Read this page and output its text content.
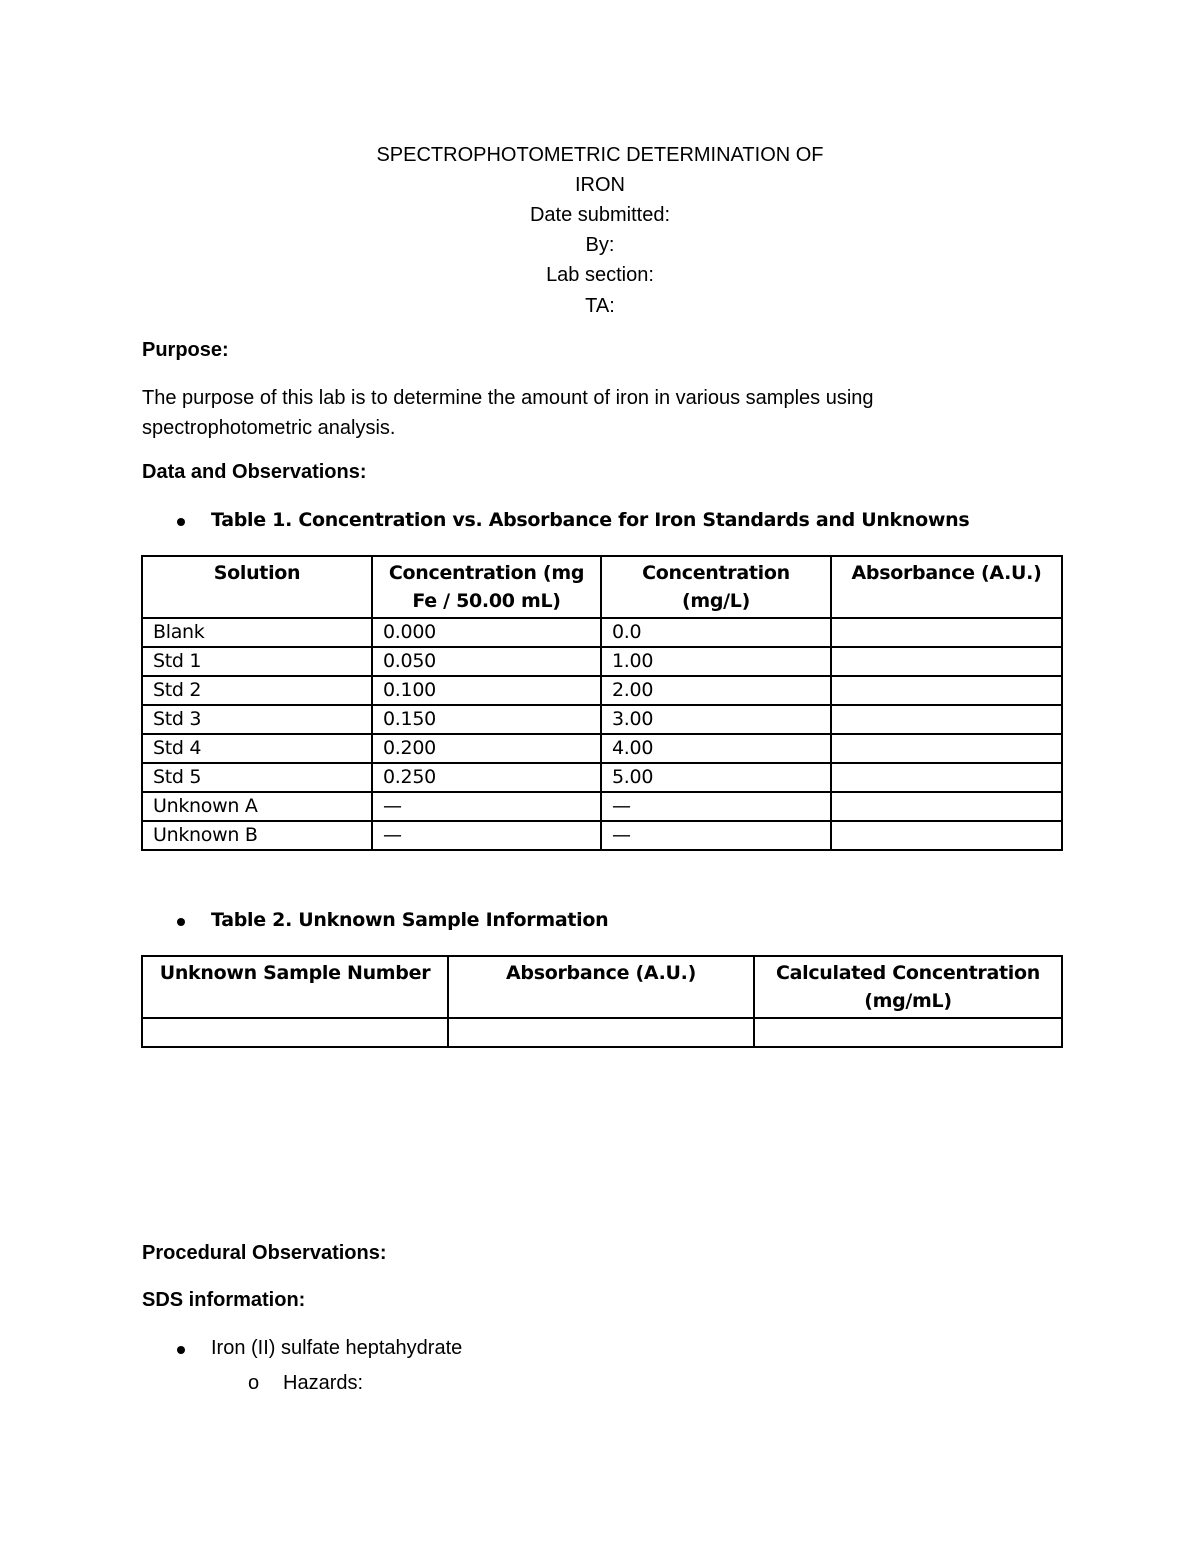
SPECTROPHOTOMETRIC DETERMINATION OF
IRON
Date submitted:
By:
Lab section:
TA:
Purpose:
The purpose of this lab is to determine the amount of iron in various samples using spectrophotometric analysis.
Data and Observations:
Table 1. Concentration vs. Absorbance for Iron Standards and Unknowns
Solution	Concentration (mg Fe / 50.00 mL)	Concentration (mg/L)	Absorbance (A.U.)
Blank	0.000	0.0	
Std 1	0.050	1.00	
Std 2	0.100	2.00	
Std 3	0.150	3.00	
Std 4	0.200	4.00	
Std 5	0.250	5.00	
Unknown A	—	—	
Unknown B	—	—	
Table 2. Unknown Sample Information
Unknown Sample Number	Absorbance (A.U.)	Calculated Concentration (mg/mL)

Procedural Observations:
SDS information:
Iron (II) sulfate heptahydrate
o Hazards:
